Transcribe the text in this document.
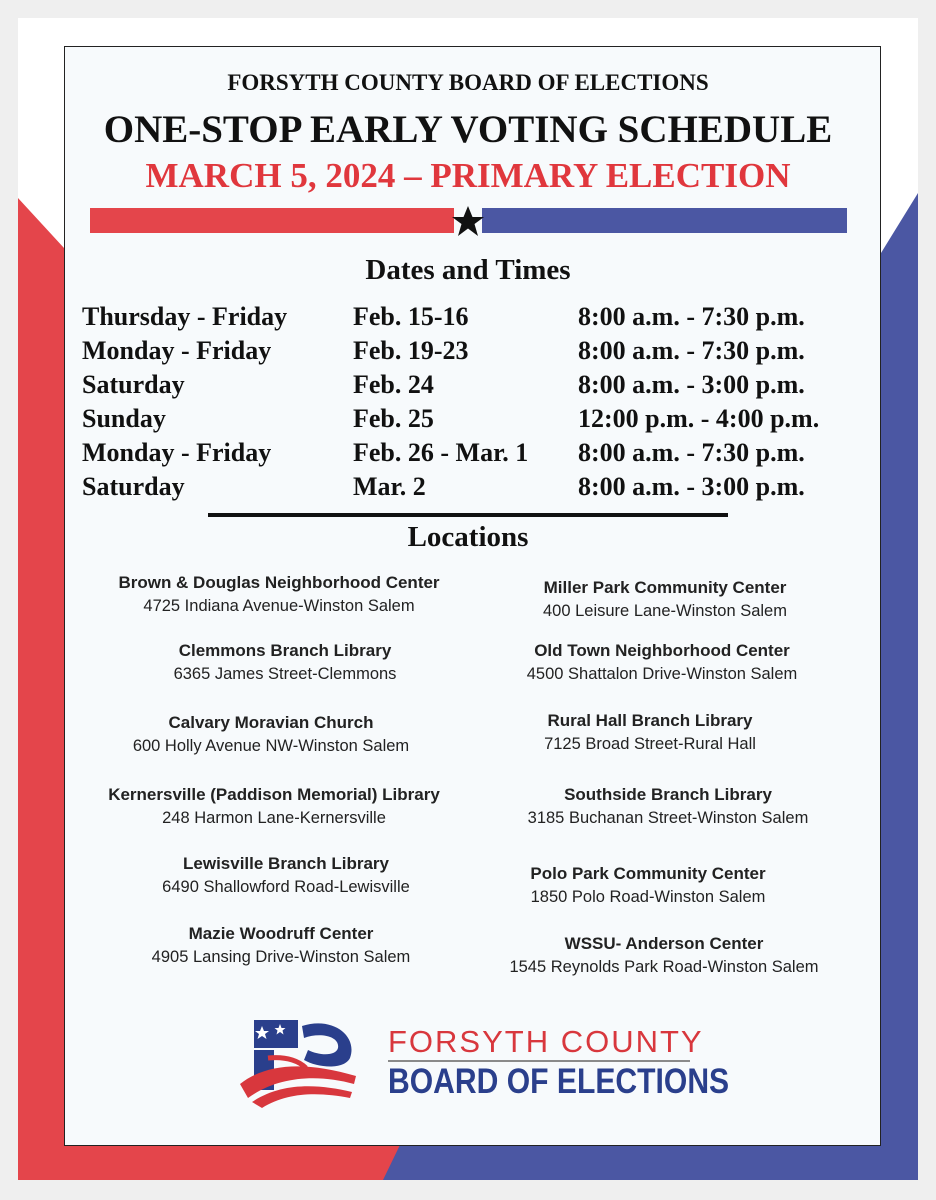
FORSYTH COUNTY BOARD OF ELECTIONS
ONE-STOP EARLY VOTING SCHEDULE
MARCH 5, 2024 – PRIMARY ELECTION
Dates and Times
Thursday - Friday	Feb. 15-16	8:00 a.m. - 7:30 p.m.
Monday - Friday	Feb. 19-23	8:00 a.m. - 7:30 p.m.
Saturday	Feb. 24	8:00 a.m. - 3:00 p.m.
Sunday	Feb. 25	12:00 p.m. - 4:00 p.m.
Monday - Friday	Feb. 26 - Mar. 1 8:00 a.m. - 7:30 p.m.
Saturday	Mar. 2	8:00 a.m. - 3:00 p.m.
Locations
Brown & Douglas Neighborhood Center
4725 Indiana Avenue-Winston Salem
Clemmons Branch Library
6365 James Street-Clemmons
Calvary Moravian Church
600 Holly Avenue NW-Winston Salem
Kernersville (Paddison Memorial) Library
248 Harmon Lane-Kernersville
Lewisville Branch Library
6490 Shallowford Road-Lewisville
Mazie Woodruff Center
4905 Lansing Drive-Winston Salem
Miller Park Community Center
400 Leisure Lane-Winston Salem
Old Town Neighborhood Center
4500 Shattalon Drive-Winston Salem
Rural Hall Branch Library
7125 Broad Street-Rural Hall
Southside Branch Library
3185 Buchanan Street-Winston Salem
Polo Park Community Center
1850 Polo Road-Winston Salem
WSSU- Anderson Center
1545 Reynolds Park Road-Winston Salem
FORSYTH COUNTY
BOARD OF ELECTIONS
